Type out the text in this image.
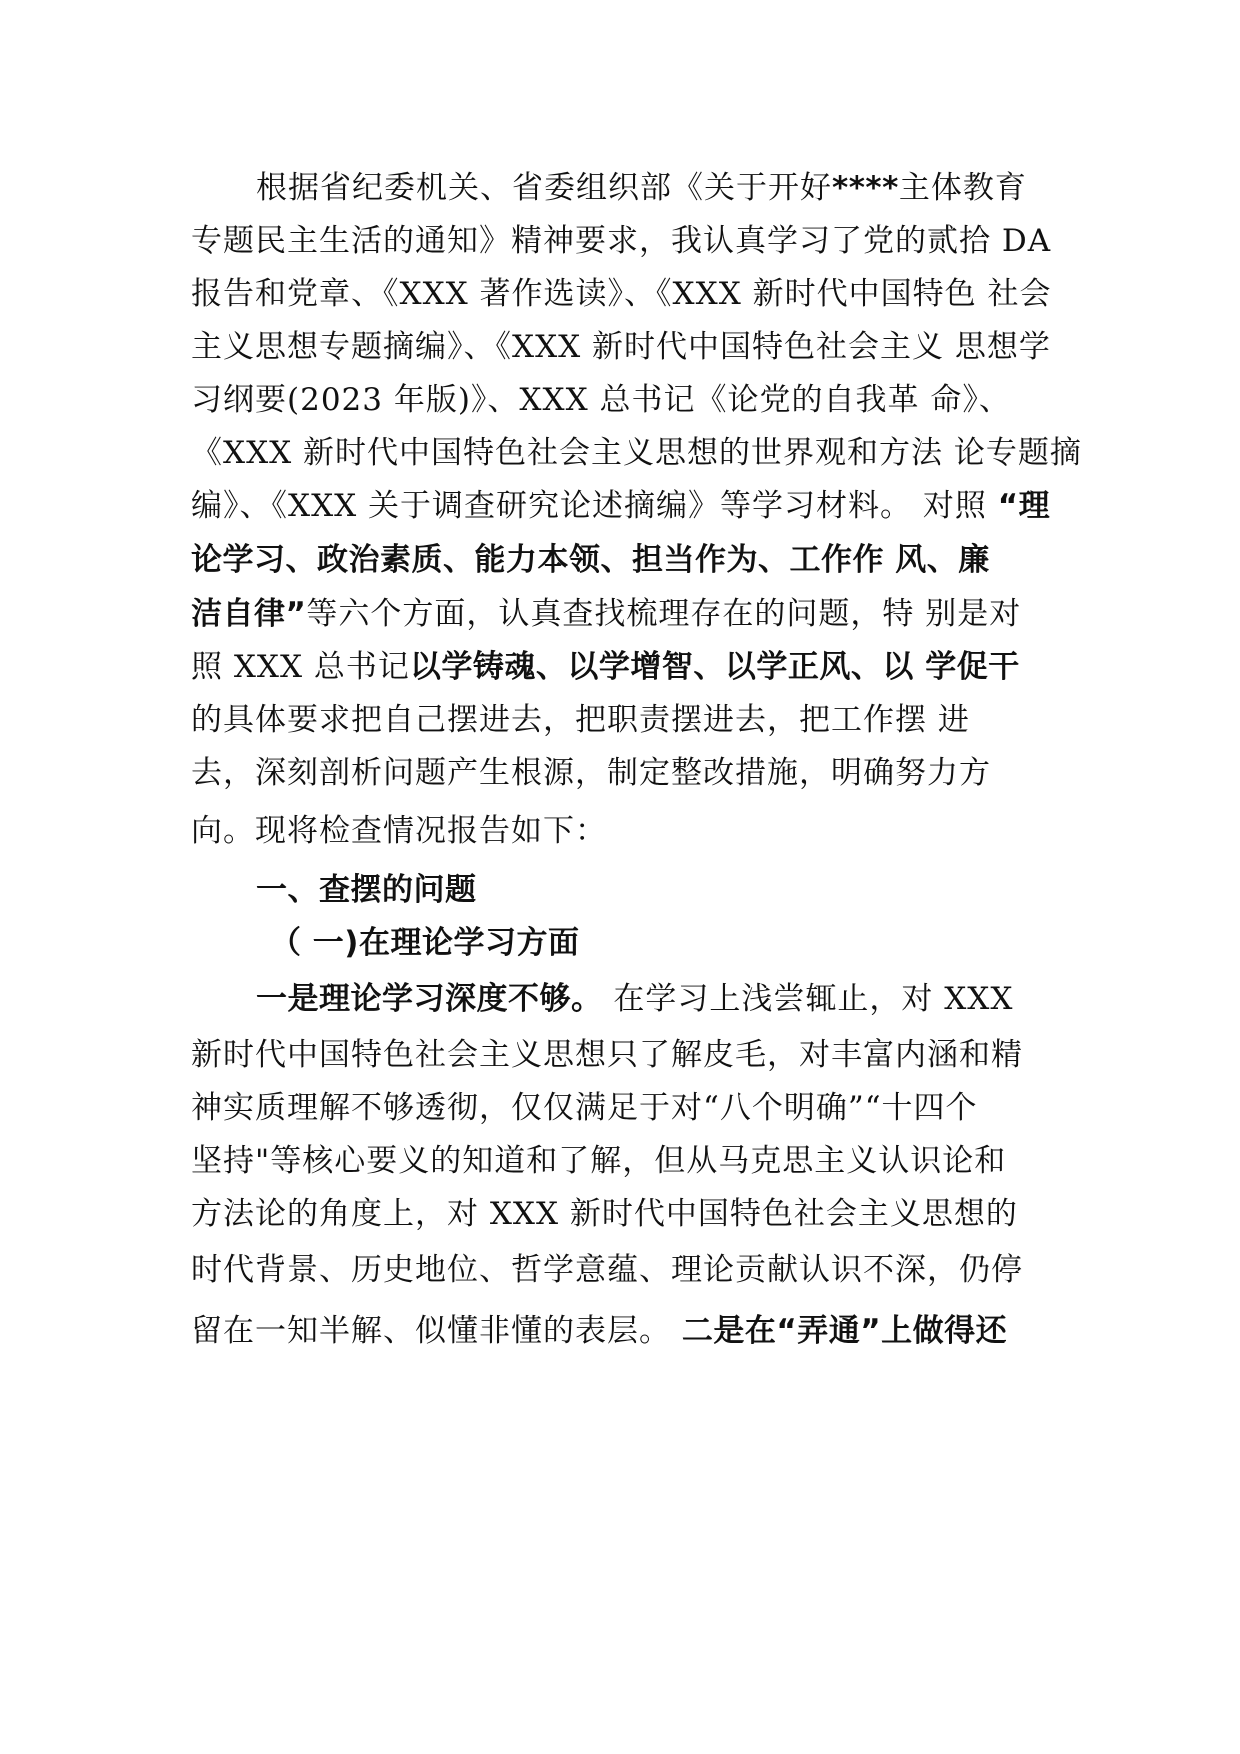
根据省纪委机关、省委组织部《关于开好****主体教育
专题民主生活的通知》精神要求，我认真学习了党的贰拾 DA
报告和党章、《XXX 著作选读》、《XXX 新时代中国特色 社会
主义思想专题摘编》、《XXX 新时代中国特色社会主义 思想学
习纲要(2023 年版)》、XXX 总书记《论党的自我革 命》、
《XXX 新时代中国特色社会主义思想的世界观和方法 论专题摘
编》、《XXX 关于调查研究论述摘编》等学习材料。 对照 “理
论学习、政治素质、能力本领、担当作为、工作作 风、廉
洁自律”等六个方面，认真查找梳理存在的问题，特 别是对
照 XXX 总书记以学铸魂、以学增智、以学正风、以 学促干
的具体要求把自己摆进去，把职责摆进去，把工作摆 进
去，深刻剖析问题产生根源，制定整改措施，明确努力方
向。现将检查情况报告如下：
一、查摆的问题
（ 一)在理论学习方面
一是理论学习深度不够。 在学习上浅尝辄止，对 XXX
新时代中国特色社会主义思想只了解皮毛，对丰富内涵和精
神实质理解不够透彻，仅仅满足于对“八个明确”“十四个
坚持"等核心要义的知道和了解，但从马克思主义认识论和
方法论的角度上，对 XXX 新时代中国特色社会主义思想的
时代背景、历史地位、哲学意蕴、理论贡献认识不深，仍停
留在一知半解、似懂非懂的表层。 二是在“弄通”上做得还
